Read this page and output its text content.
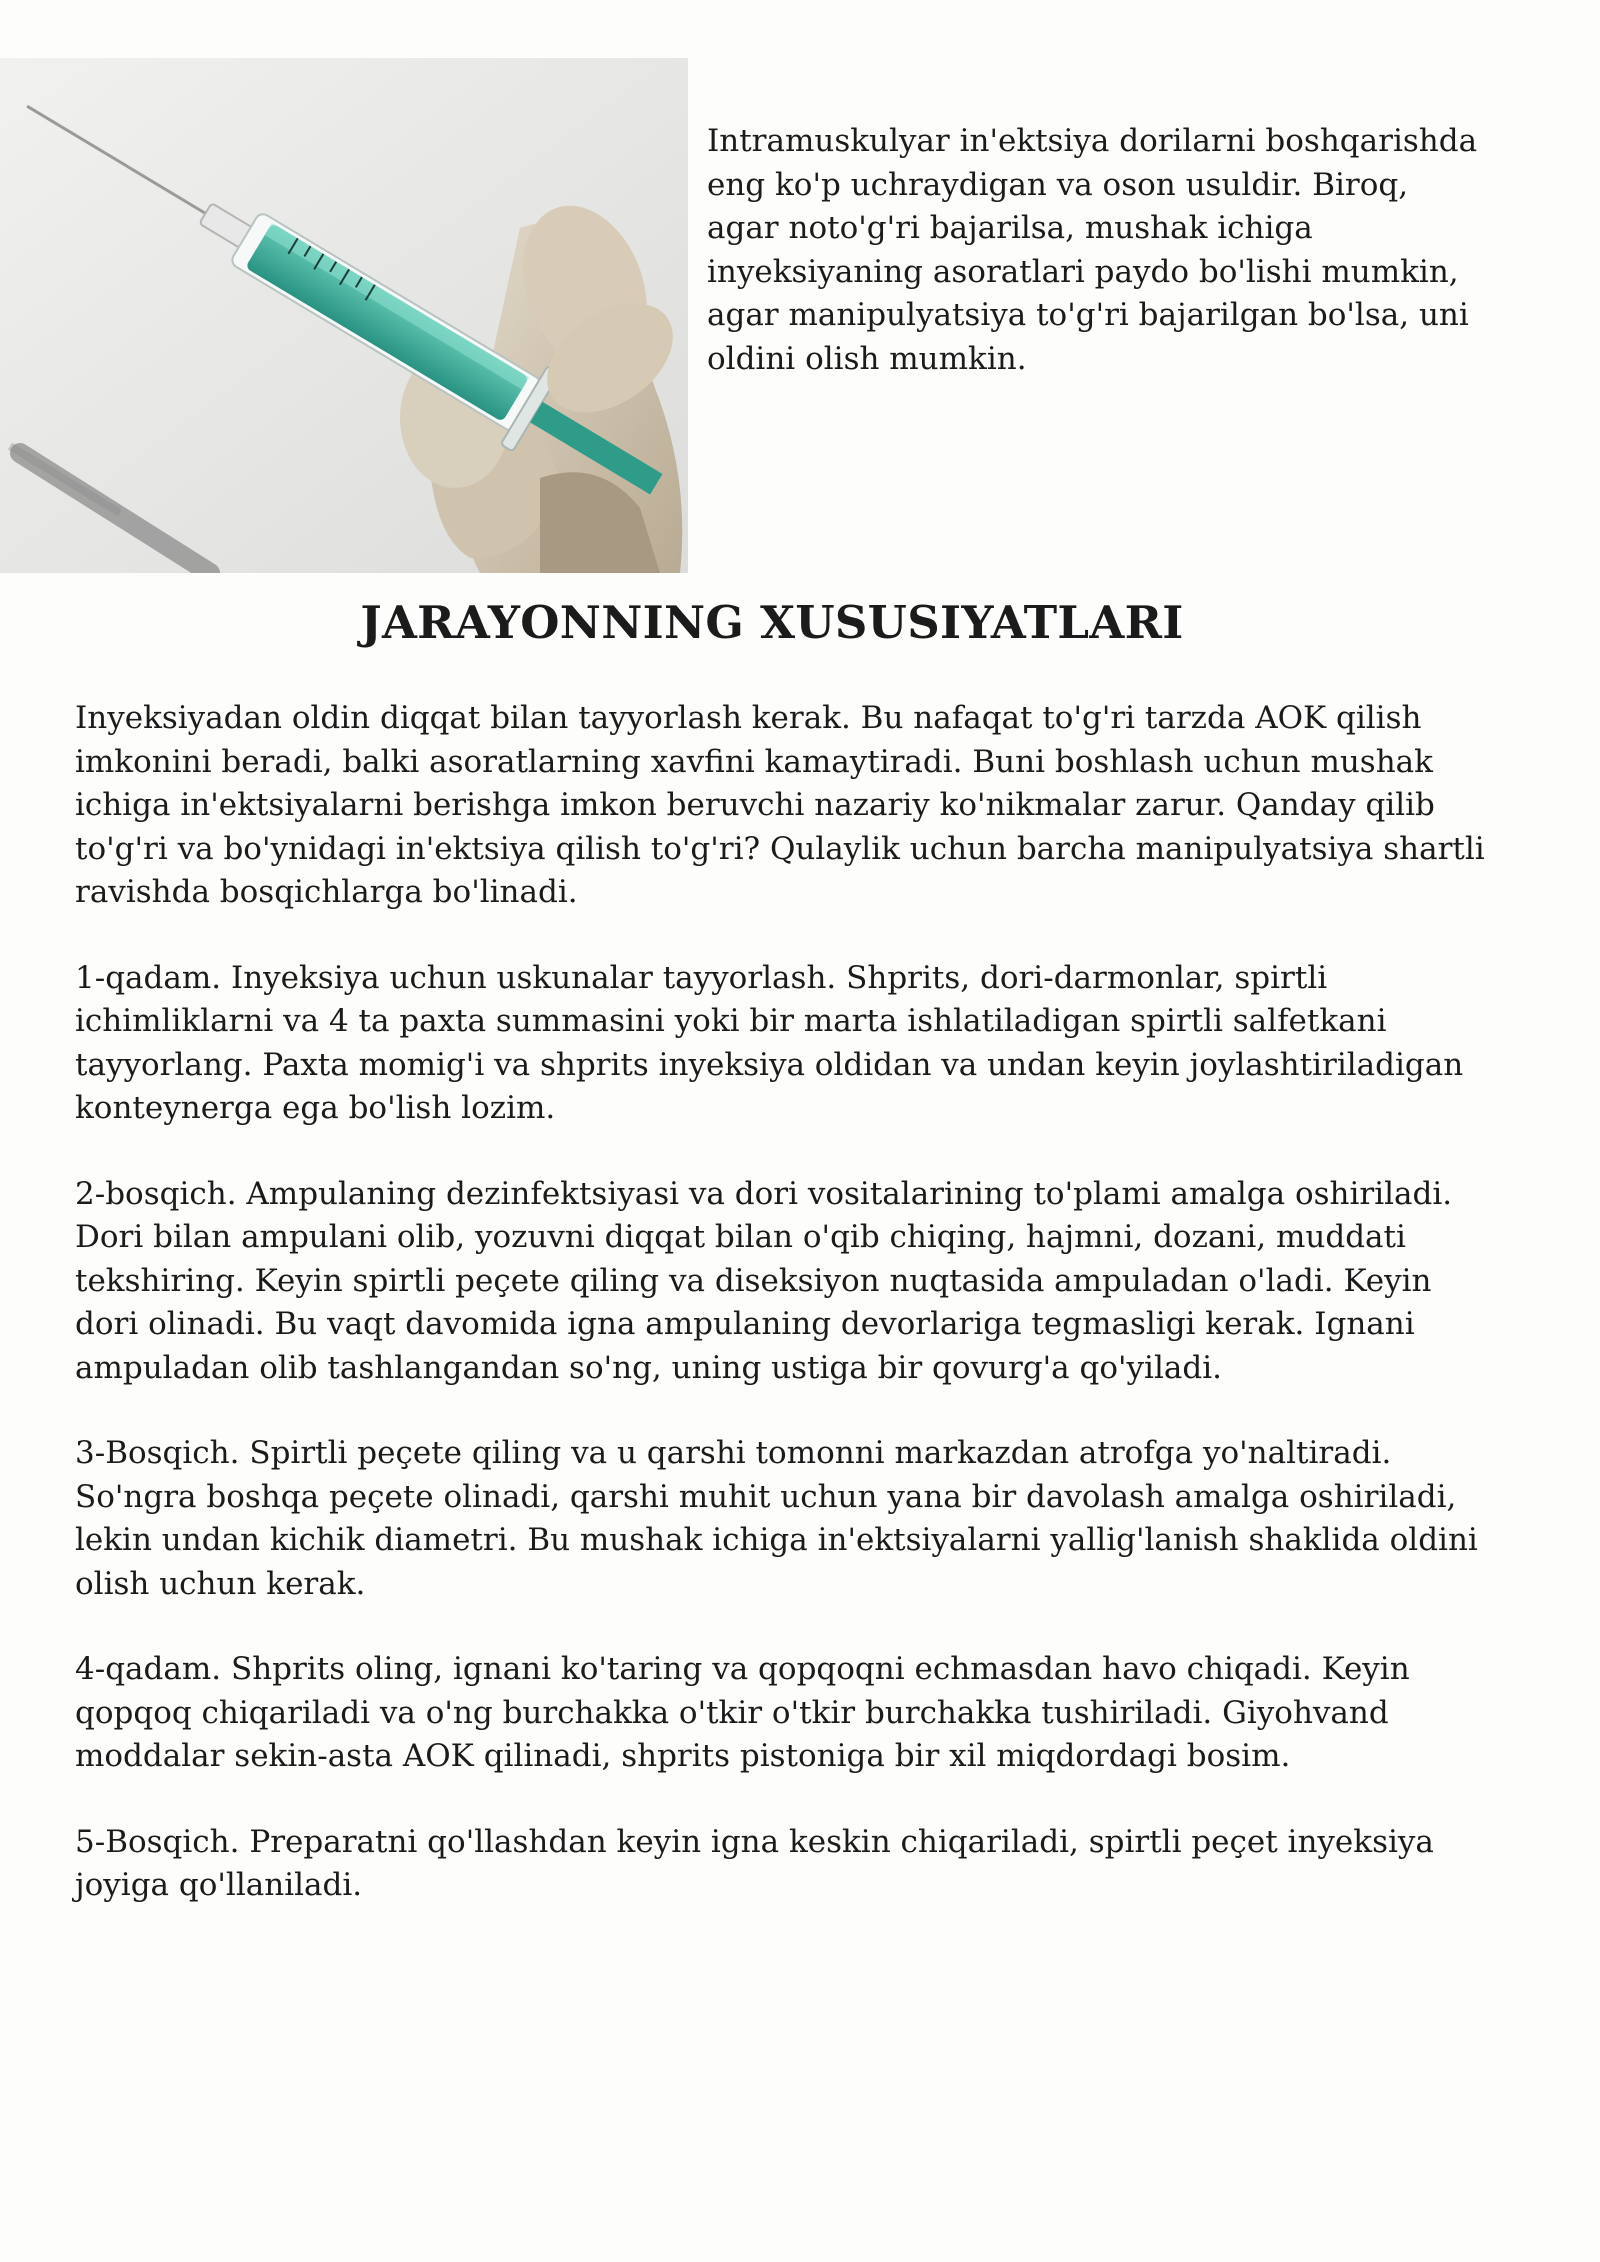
Intramuskulyar in'ektsiya dorilarni boshqarishda eng ko'p uchraydigan va oson usuldir. Biroq, agar noto'g'ri bajarilsa, mushak ichiga inyeksiyaning asoratlari paydo bo'lishi mumkin, agar manipulyatsiya to'g'ri bajarilgan bo'lsa, uni oldini olish mumkin.

JARAYONNING XUSUSIYATLARI

Inyeksiyadan oldin diqqat bilan tayyorlash kerak. Bu nafaqat to'g'ri tarzda AOK qilish imkonini beradi, balki asoratlarning xavfini kamaytiradi. Buni boshlash uchun mushak ichiga in'ektsiyalarni berishga imkon beruvchi nazariy ko'nikmalar zarur. Qanday qilib to'g'ri va bo'ynidagi in'ektsiya qilish to'g'ri? Qulaylik uchun barcha manipulyatsiya shartli ravishda bosqichlarga bo'linadi.

1-qadam. Inyeksiya uchun uskunalar tayyorlash. Shprits, dori-darmonlar, spirtli ichimliklarni va 4 ta paxta summasini yoki bir marta ishlatiladigan spirtli salfetkani tayyorlang. Paxta momig'i va shprits inyeksiya oldidan va undan keyin joylashtiriladigan konteynerga ega bo'lish lozim.

2-bosqich. Ampulaning dezinfektsiyasi va dori vositalarining to'plami amalga oshiriladi. Dori bilan ampulani olib, yozuvni diqqat bilan o'qib chiqing, hajmni, dozani, muddati tekshiring. Keyin spirtli peçete qiling va diseksiyon nuqtasida ampuladan o'ladi. Keyin dori olinadi. Bu vaqt davomida igna ampulaning devorlariga tegmasligi kerak. Ignani ampuladan olib tashlangandan so'ng, uning ustiga bir qovurg'a qo'yiladi.

3-Bosqich. Spirtli peçete qiling va u qarshi tomonni markazdan atrofga yo'naltiradi. So'ngra boshqa peçete olinadi, qarshi muhit uchun yana bir davolash amalga oshiriladi, lekin undan kichik diametri. Bu mushak ichiga in'ektsiyalarni yallig'lanish shaklida oldini olish uchun kerak.

4-qadam. Shprits oling, ignani ko'taring va qopqoqni echmasdan havo chiqadi. Keyin qopqoq chiqariladi va o'ng burchakka o'tkir o'tkir burchakka tushiriladi. Giyohvand moddalar sekin-asta AOK qilinadi, shprits pistoniga bir xil miqdordagi bosim.

5-Bosqich. Preparatni qo'llashdan keyin igna keskin chiqariladi, spirtli peçet inyeksiya joyiga qo'llaniladi.
